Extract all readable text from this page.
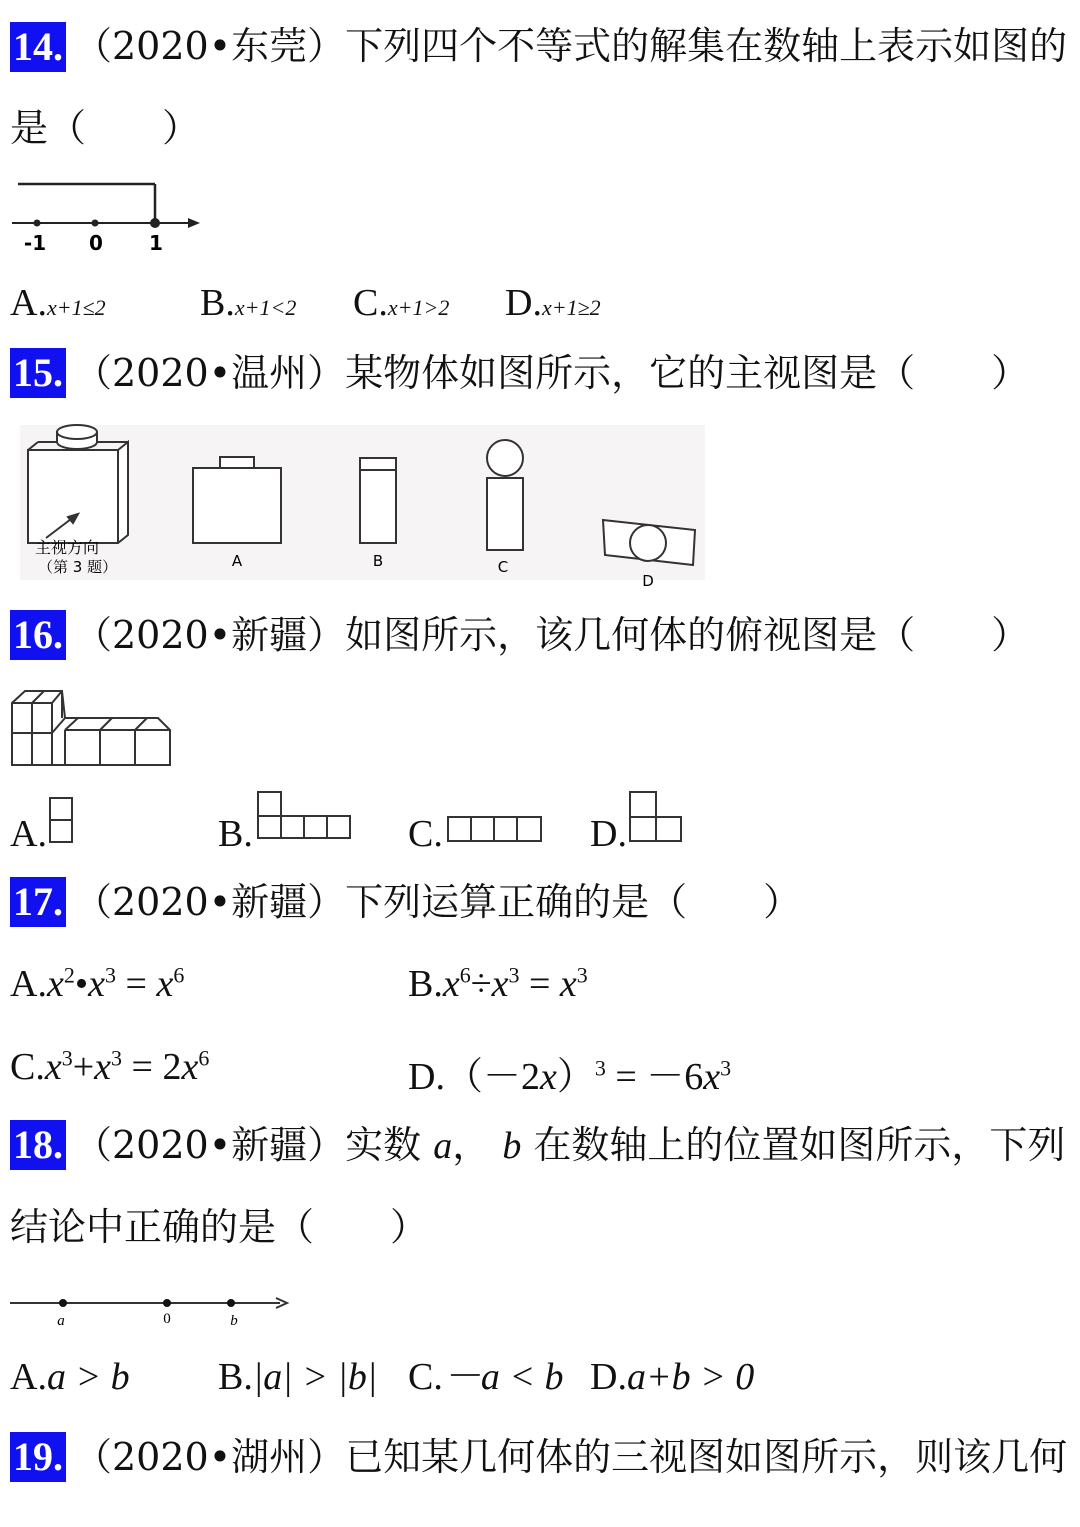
14. （2020•东莞）下列四个不等式的解集在数轴上表示如图的
是（　　）
-1 0 1
A.x+1≤2 B.x+1<2 C.x+1>2 D.x+1≥2
15. （2020•温州）某物体如图所示，它的主视图是（　　）
主视方向
（第 3 题）	A	B	C
D
16. （2020•新疆）如图所示，该几何体的俯视图是（　　）
A.	B.	C.	D.
17. （2020•新疆）下列运算正确的是（　　）
$A.x^2•x^3 = x^6$	$B.x^6\div x^3 = x^3$
$C.x^3+x^3 = 2x^6$	$D.(-2x)^3 = -6x^3$
18. （2020•新疆）实数 a， b 在数轴上的位置如图所示，下列
结论中正确的是（　　）
a	0	b
A.a > b B.|a| > |b| C.－a < b D.a+b > 0
19. （2020•湖州）已知某几何体的三视图如图所示，则该几何
